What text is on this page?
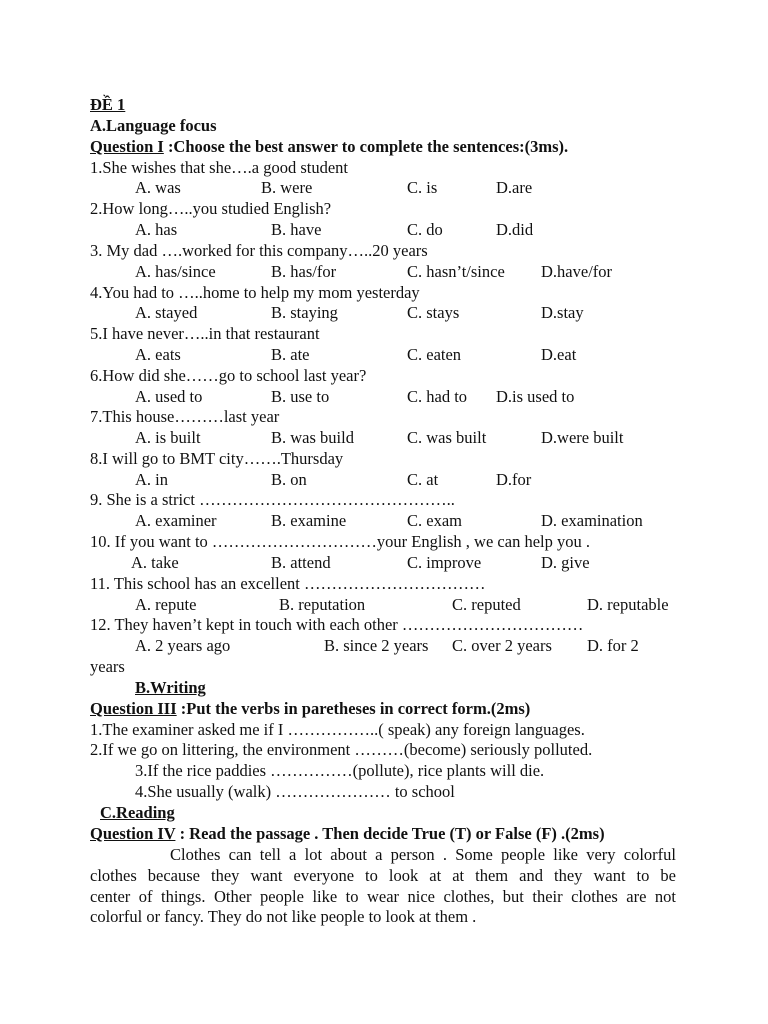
ĐỀ 1
A.Language focus
Question I :Choose the best answer to complete the sentences:(3ms).
1.She wishes that she….a good student
A. was	B. were	C. is	D.are
2.How long…..you studied English?
A. has	B. have	C. do	D.did
3. My dad ….worked for this company…..20 years
A. has/since	B. has/for	C. hasn’t/since D.have/for
4.You had to …..home to help my mom yesterday
A. stayed	B. staying	C. stays	D.stay
5.I have never…..in that restaurant
A. eats	B. ate	C. eaten	D.eat
6.How did she……go to school last year?
A. used to	B. use to	C. had to D.is used to
7.This house………last year
A. is built	B. was build	C. was built	D.were built
8.I will go to BMT city…….Thursday
A. in	B. on	C. at	D.for
9. She is a strict ………………………………………..
A. examiner	B. examine	C. exam	D. examination
10. If you want to …………………………your English , we can help you .
A. take	B. attend	C. improve	D. give
11. This school has an excellent ……………………………
A. repute	B. reputation	C. reputed	D. reputable
12. They haven’t kept in touch with each other ……………………………
A. 2 years ago	B. since 2 years C. over 2 years D. for 2
years
B.Writing
Question III :Put the verbs in paretheses in correct form.(2ms)
1.The examiner asked me if I ……………..( speak) any foreign languages.
2.If we go on littering, the environment ………(become) seriously polluted.
3.If the rice paddies ……………(pollute), rice plants will die.
4.She usually (walk) ………………… to school
C.Reading
Question IV : Read the passage . Then decide True (T) or False (F) .(2ms)
Clothes can tell a lot about a person . Some people like very colorful
clothes because they want everyone to look at at them and they want to be
center of things. Other people like to wear nice clothes, but their clothes are not
colorful or fancy. They do not like people to look at them .
